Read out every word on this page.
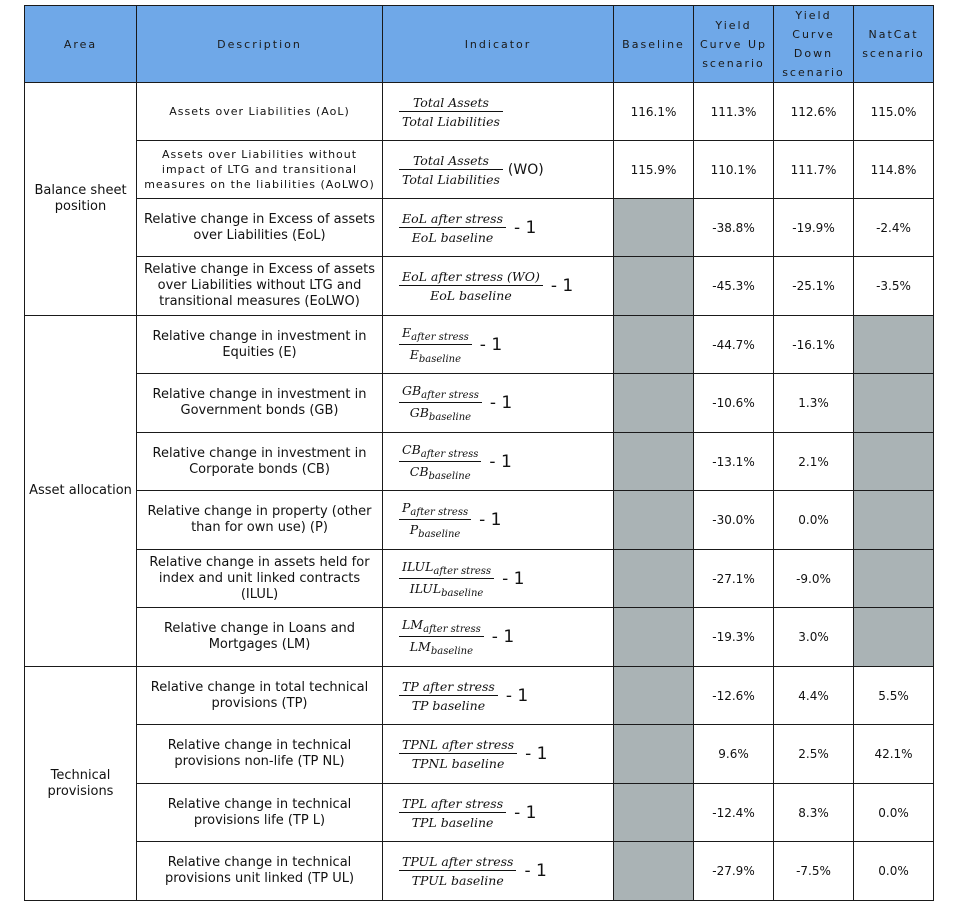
Area	Description	Indicator	Baseline	Yield Curve Up scenario	Yield Curve Down scenario	NatCat scenario
Balance sheet position	Assets over Liabilities (AoL)	$\frac{\text{Total Assets}}{\text{Total Liabilities}}$	116.1%	111.3%	112.6%	115.0%
	Assets over Liabilities without impact of LTG and transitional measures on the liabilities (AoLWO)	$\frac{\text{Total Assets}}{\text{Total Liabilities}} (WO)$	115.9%	110.1%	111.7%	114.8%
	Relative change in Excess of assets over Liabilities (EoL)	$\frac{\text{EoL after stress}}{\text{EoL baseline}} - 1$		-38.8%	-19.9%	-2.4%
	Relative change in Excess of assets over Liabilities without LTG and transitional measures (EoLWO)	$\frac{\text{EoL after stress (WO)}}{\text{EoL baseline}} - 1$		-45.3%	-25.1%	-3.5%
Asset allocation	Relative change in investment in Equities (E)	$\frac{E_{after stress}}{E_{baseline}} - 1$		-44.7%	-16.1%	
	Relative change in investment in Government bonds (GB)	$\frac{GB_{after stress}}{GB_{baseline}} - 1$		-10.6%	1.3%	
	Relative change in investment in Corporate bonds (CB)	$\frac{CB_{after stress}}{CB_{baseline}} - 1$		-13.1%	2.1%	
	Relative change in property (other than for own use) (P)	$\frac{P_{after stress}}{P_{baseline}} - 1$		-30.0%	0.0%	
	Relative change in assets held for index and unit linked contracts (ILUL)	$\frac{ILUL_{after stress}}{ILUL_{baseline}} - 1$		-27.1%	-9.0%	
	Relative change in Loans and Mortgages (LM)	$\frac{LM_{after stress}}{LM_{baseline}} - 1$		-19.3%	3.0%	
Technical provisions	Relative change in total technical provisions (TP)	$\frac{\text{TP after stress}}{\text{TP baseline}} - 1$		-12.6%	4.4%	5.5%
	Relative change in technical provisions non-life (TP NL)	$\frac{\text{TPNL after stress}}{\text{TPNL baseline}} - 1$		9.6%	2.5%	42.1%
	Relative change in technical provisions life (TP L)	$\frac{\text{TPL after stress}}{\text{TPL baseline}} - 1$		-12.4%	8.3%	0.0%
	Relative change in technical provisions unit linked (TP UL)	$\frac{\text{TPUL after stress}}{\text{TPUL baseline}} - 1$		-27.9%	-7.5%	0.0%
